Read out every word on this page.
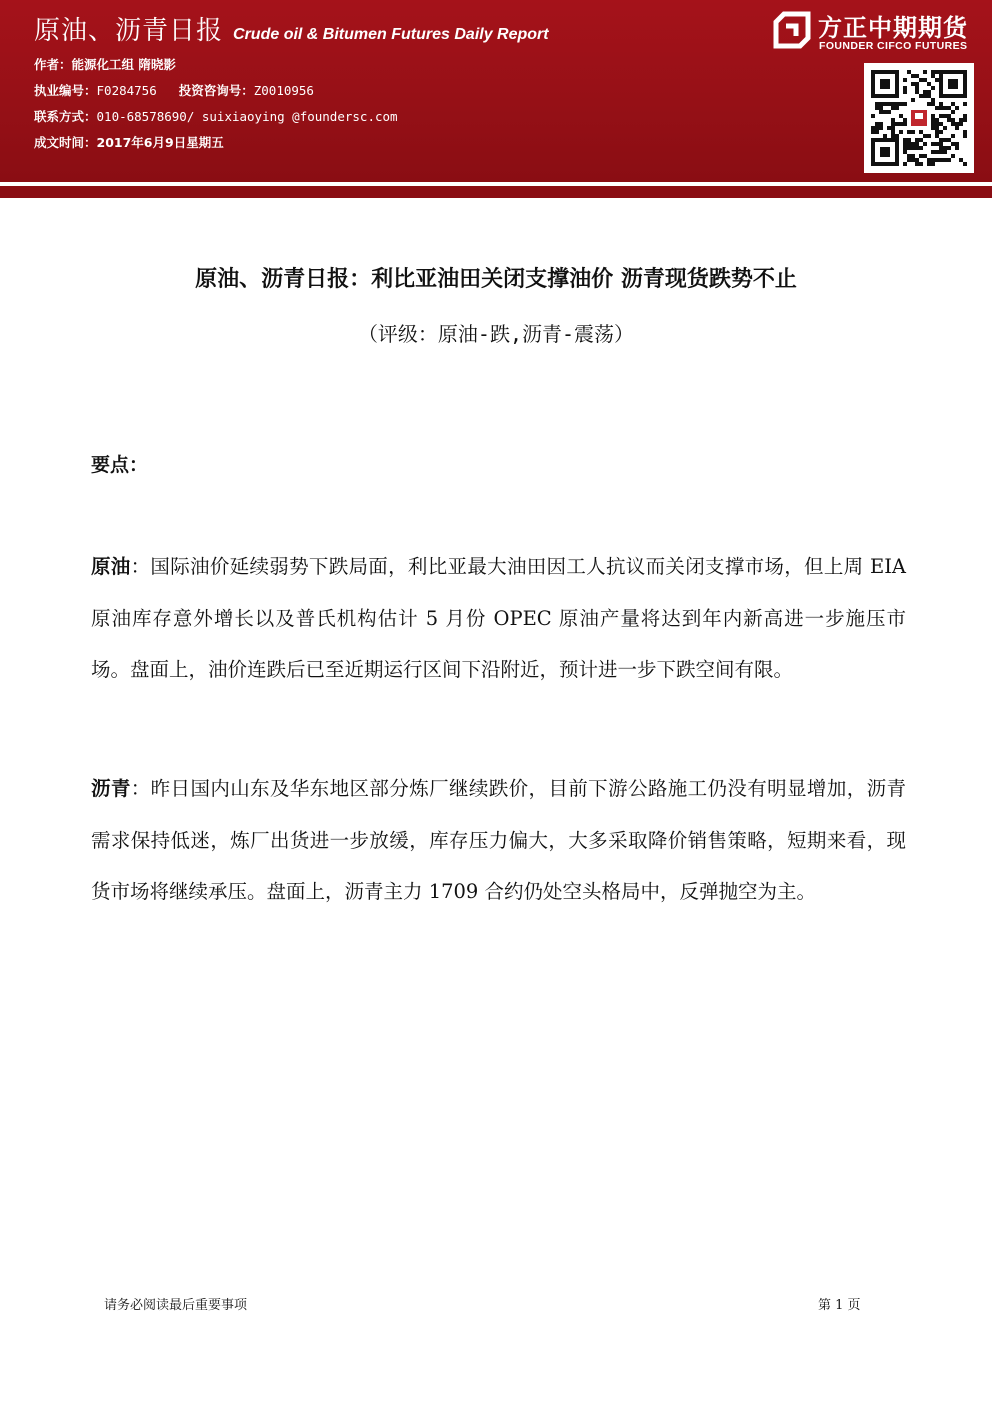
原油、沥青日报 Crude oil & Bitumen Futures Daily Report
作者：能源化工组 隋晓影
执业编号：F0284756 投资咨询号：Z0010956
联系方式：010-68578690/ suixiaoying @foundersc.com
成文时间：2017年6月9日星期五
方正中期期货
FOUNDER CIFCO FUTURES
原油、沥青日报：利比亚油田关闭支撑油价 沥青现货跌势不止
（评级：原油-跌,沥青-震荡）
要点：
原油：国际油价延续弱势下跌局面，利比亚最大油田因工人抗议而关闭支撑市场，但上周 EIA 原油库存意外增长以及普氏机构估计 5 月份 OPEC 原油产量将达到年内新高进一步施压市场。盘面上，油价连跌后已至近期运行区间下沿附近，预计进一步下跌空间有限。
沥青：昨日国内山东及华东地区部分炼厂继续跌价，目前下游公路施工仍没有明显增加，沥青需求保持低迷，炼厂出货进一步放缓，库存压力偏大，大多采取降价销售策略，短期来看，现货市场将继续承压。盘面上，沥青主力 1709 合约仍处空头格局中，反弹抛空为主。
请务必阅读最后重要事项	第 1 页
